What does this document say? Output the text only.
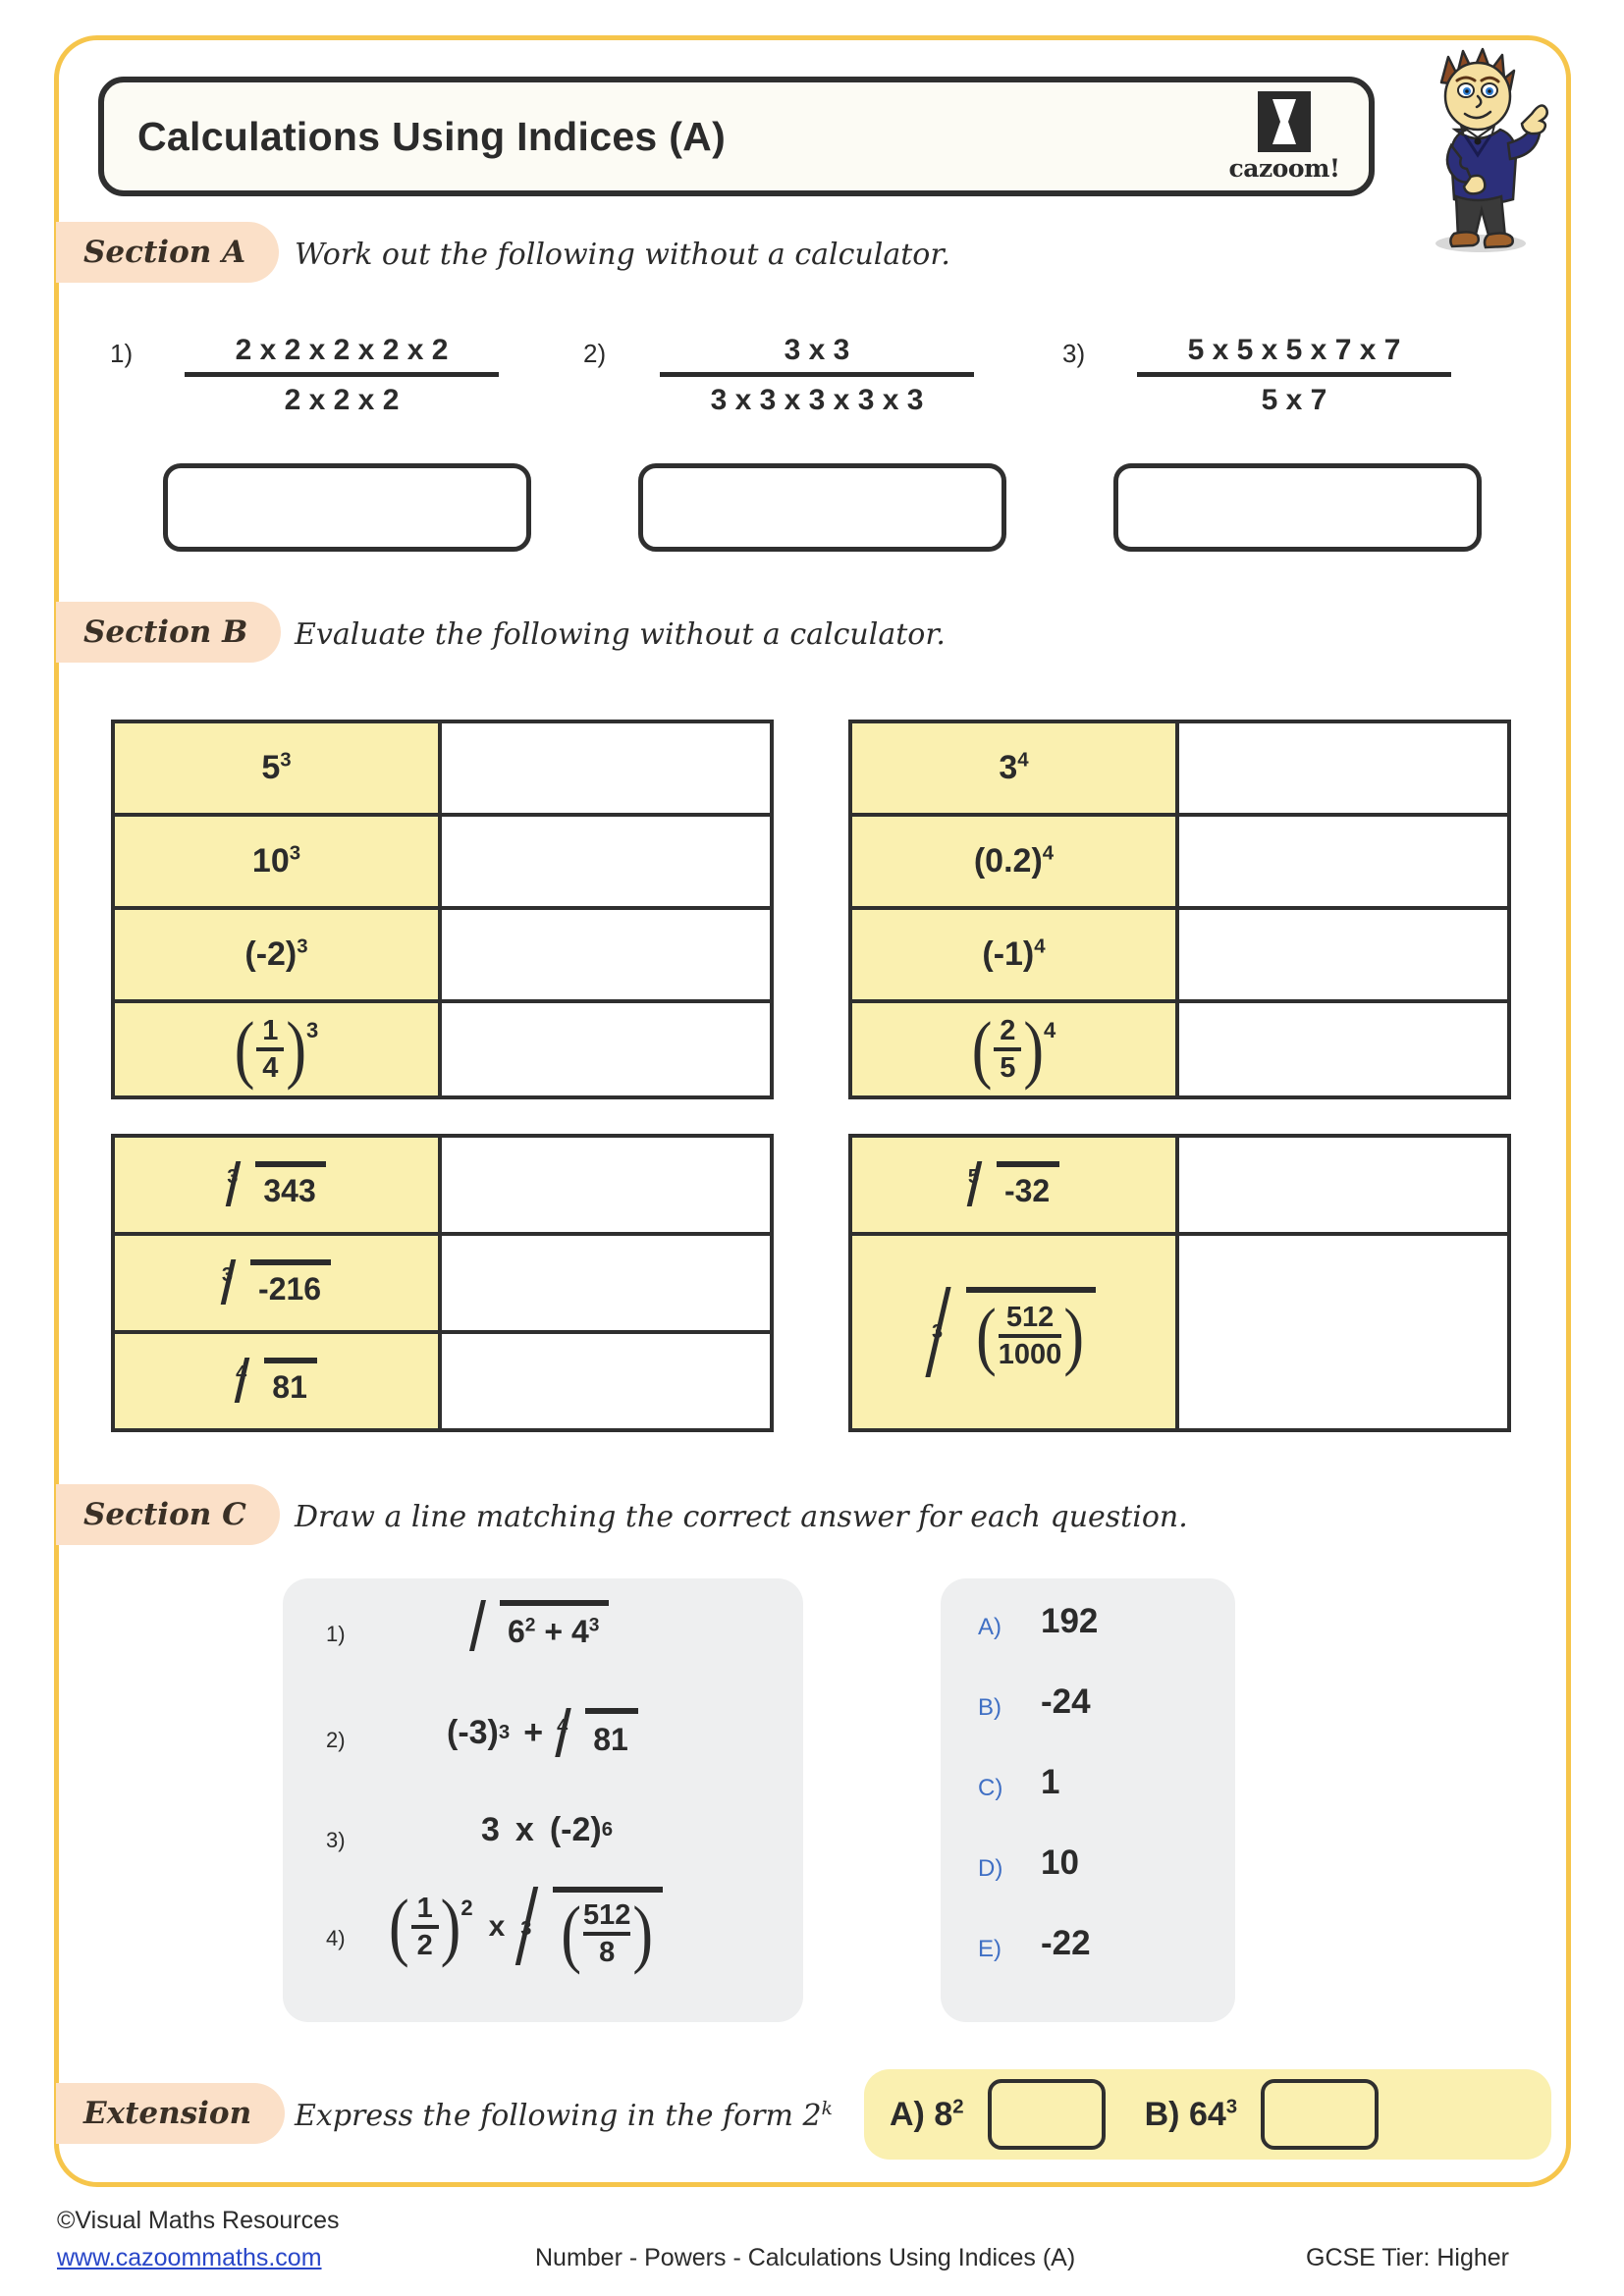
Calculations Using Indices (A)
cazoom!
Section A	Work out the following without a calculator.
1)	2 x 2 x 2 x 2 x 2
2 x 2 x 2
2)	3 x 3
3 x 3 x 3 x 3 x 3
3)	5 x 5 x 5 x 7 x 7
5 x 7
Section B	Evaluate the following without a calculator.
$5^3$	
$10^3$	
$(-2)^3$	

( 1
4 ) 3	

$3^4$	
$(0.2)^4$	
$(-1)^4$	

( 2
5 ) 4	

3 343	

3 -216	

4 81	

5 -32	

3 ( 512
1000 )	

Section C	Draw a line matching the correct answer for each question.
1)	$6^2 + 4^3$
2)	(-3) 3 + 4 81
3)	3 x (-2) 6
4) ( 1
2 ) 2
x 3 ( 512
8 )
A) 192
B) -24
C) 1
D) 10
E) -22
Extension	Express the following in the form 2$^k$ A) $8^2$	B) $64^3$
©Visual Maths Resources
www.cazoommaths.com	Number - Powers - Calculations Using Indices (A)	GCSE Tier: Higher
